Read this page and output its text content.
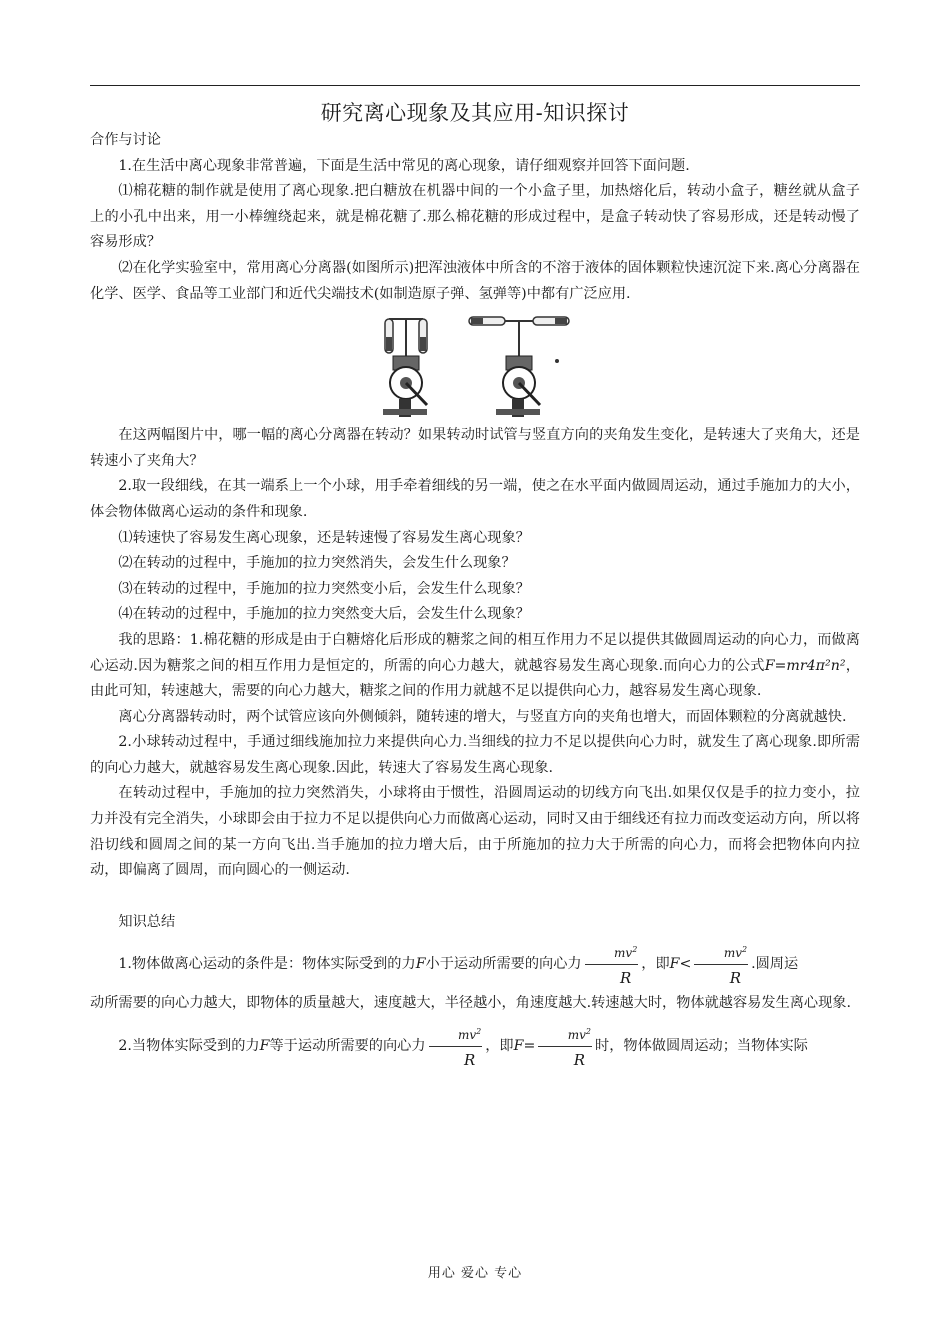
研究离心现象及其应用-知识探讨

合作与讨论

1.在生活中离心现象非常普遍，下面是生活中常见的离心现象，请仔细观察并回答下面问题.

⑴棉花糖的制作就是使用了离心现象.把白糖放在机器中间的一个小盒子里，加热熔化后，转动小盒子，糖丝就从盒子上的小孔中出来，用一小棒缠绕起来，就是棉花糖了.那么棉花糖的形成过程中，是盒子转动快了容易形成，还是转动慢了容易形成？

⑵在化学实验室中，常用离心分离器(如图所示)把浑浊液体中所含的不溶于液体的固体颗粒快速沉淀下来.离心分离器在化学、医学、食品等工业部门和近代尖端技术(如制造原子弹、氢弹等)中都有广泛应用.

在这两幅图片中，哪一幅的离心分离器在转动？如果转动时试管与竖直方向的夹角发生变化，是转速大了夹角大，还是转速小了夹角大？

2.取一段细线，在其一端系上一个小球，用手牵着细线的另一端，使之在水平面内做圆周运动，通过手施加力的大小，体会物体做离心运动的条件和现象.

⑴转速快了容易发生离心现象，还是转速慢了容易发生离心现象？

⑵在转动的过程中，手施加的拉力突然消失，会发生什么现象？

⑶在转动的过程中，手施加的拉力突然变小后，会发生什么现象？

⑷在转动的过程中，手施加的拉力突然变大后，会发生什么现象？

我的思路：1.棉花糖的形成是由于白糖熔化后形成的糖浆之间的相互作用力不足以提供其做圆周运动的向心力，而做离心运动.因为糖浆之间的相互作用力是恒定的，所需的向心力越大，就越容易发生离心现象.而向心力的公式F=mr4π²n²，由此可知，转速越大，需要的向心力越大，糖浆之间的作用力就越不足以提供向心力，越容易发生离心现象.

离心分离器转动时，两个试管应该向外侧倾斜，随转速的增大，与竖直方向的夹角也增大，而固体颗粒的分离就越快.

2.小球转动过程中，手通过细线施加拉力来提供向心力.当细线的拉力不足以提供向心力时，就发生了离心现象.即所需的向心力越大，就越容易发生离心现象.因此，转速大了容易发生离心现象.

在转动过程中，手施加的拉力突然消失，小球将由于惯性，沿圆周运动的切线方向飞出.如果仅仅是手的拉力变小，拉力并没有完全消失，小球即会由于拉力不足以提供向心力而做离心运动，同时又由于细线还有拉力而改变运动方向，所以将沿切线和圆周之间的某一方向飞出.当手施加的拉力增大后，由于所施加的拉力大于所需的向心力，而将会把物体向内拉动，即偏离了圆周，而向圆心的一侧运动.

知识总结

1.物体做离心运动的条件是：物体实际受到的力F小于运动所需要的向心力 $\frac{mv^2}{R}$ ，即$F< \frac{mv^2}{R}$ .圆周运

动所需要的向心力越大，即物体的质量越大，速度越大，半径越小，角速度越大.转速越大时，物体就越容易发生离心现象.

2.当物体实际受到的力F等于运动所需要的向心力 $\frac{mv^2}{R}$ ，即$F= \frac{mv^2}{R}$ 时，物体做圆周运动；当物体实际

用心 爱心 专心
